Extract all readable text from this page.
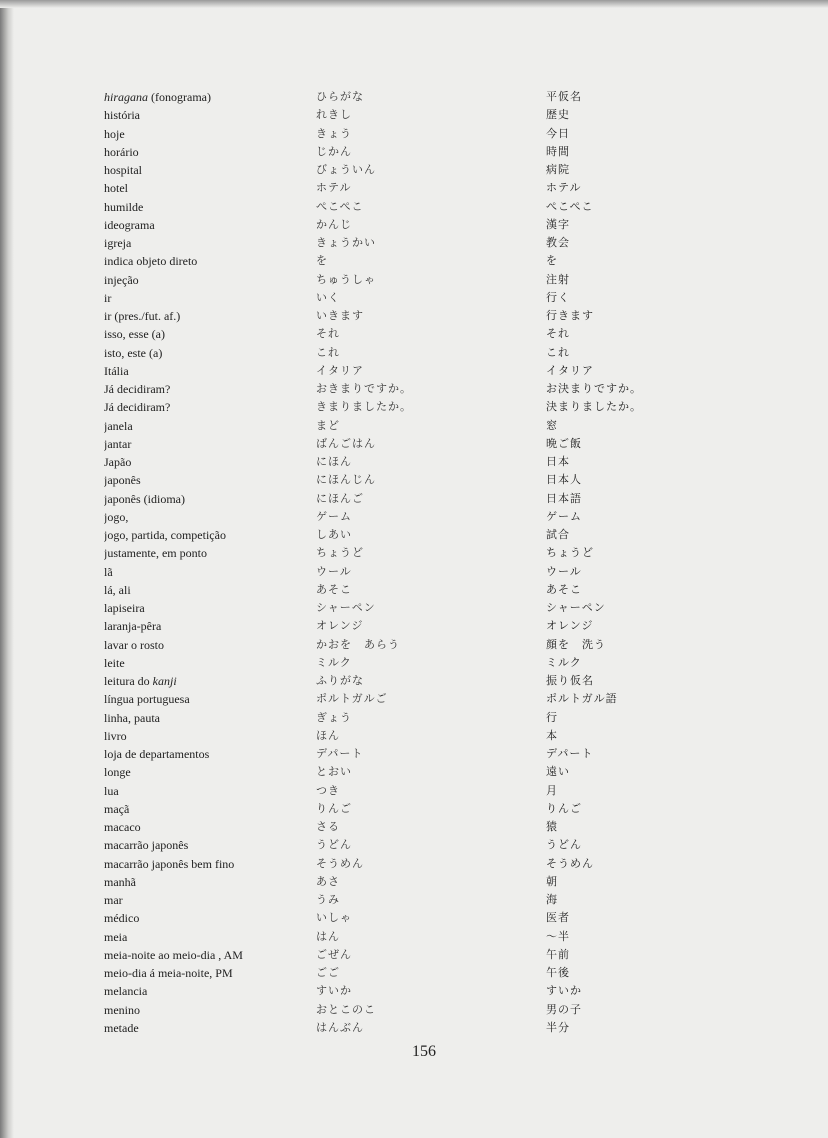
hiragana (fonograma)	ひらがな	平仮名
história	れきし	歴史
hoje	きょう	今日
horário	じかん	時間
hospital	びょういん	病院
hotel	ホテル	ホテル
humilde	ぺこぺこ	ぺこぺこ
ideograma	かんじ	漢字
igreja	きょうかい	教会
indica objeto direto	を	を
injeção	ちゅうしゃ	注射
ir	いく	行く
ir (pres./fut. af.)	いきます	行きます
isso, esse (a)	それ	それ
isto, este (a)	これ	これ
Itália	イタリア	イタリア
Já decidiram?	おきまりですか。	お決まりですか。
Já decidiram?	きまりましたか。	決まりましたか。
janela	まど	窓
jantar	ばんごはん	晩ご飯
Japão	にほん	日本
japonês	にほんじん	日本人
japonês (idioma)	にほんご	日本語
jogo,	ゲーム	ゲーム
jogo, partida, competição	しあい	試合
justamente, em ponto	ちょうど	ちょうど
lã	ウール	ウール
lá, ali	あそこ	あそこ
lapiseira	シャーペン	シャーペン
laranja-pêra	オレンジ	オレンジ
lavar o rosto	かおを　あらう	顔を　洗う
leite	ミルク	ミルク
leitura do kanji	ふりがな	振り仮名
língua portuguesa	ポルトガルご	ポルトガル語
linha, pauta	ぎょう	行
livro	ほん	本
loja de departamentos	デパート	デパート
longe	とおい	遠い
lua	つき	月
maçã	りんご	りんご
macaco	さる	猿
macarrão japonês	うどん	うどん
macarrão japonês bem fino	そうめん	そうめん
manhã	あさ	朝
mar	うみ	海
médico	いしゃ	医者
meia	はん	〜半
meia-noite ao meio-dia , AM	ごぜん	午前
meio-dia á meia-noite, PM	ごご	午後
melancia	すいか	すいか
menino	おとこのこ	男の子
metade	はんぶん	半分
156
